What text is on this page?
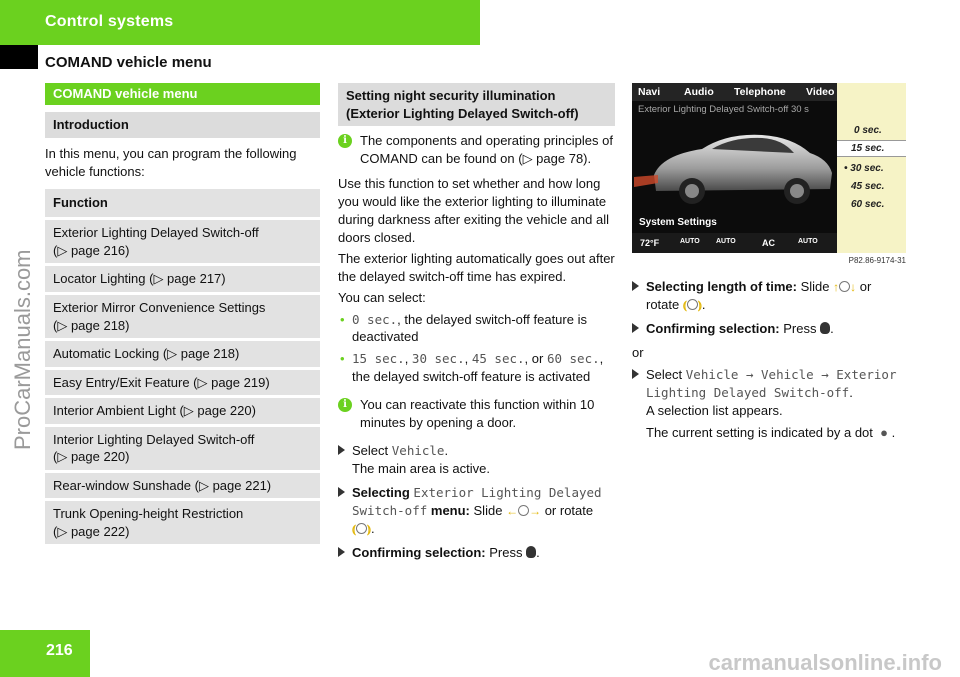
Control systems
COMAND vehicle menu
ProCarManuals.com
carmanualsonline.info
216
COMAND vehicle menu
Introduction
In this menu, you can program the following vehicle functions:
Function
Exterior Lighting Delayed Switch-off
(▷ page 216)
Locator Lighting (▷ page 217)
Exterior Mirror Convenience Settings
(▷ page 218)
Automatic Locking (▷ page 218)
Easy Entry/Exit Feature (▷ page 219)
Interior Ambient Light (▷ page 220)
Interior Lighting Delayed Switch-off
(▷ page 220)
Rear-window Sunshade (▷ page 221)
Trunk Opening-height Restriction
(▷ page 222)
Setting night security illumination (Exterior Lighting Delayed Switch-off)
i	The components and operating principles of COMAND can be found on (▷ page 78).
Use this function to set whether and how long you would like the exterior lighting to illuminate during darkness after exiting the vehicle and all doors closed.
The exterior lighting automatically goes out after the delayed switch-off time has expired.
You can select:
• 0 sec., the delayed switch-off feature is deactivated
• 15 sec., 30 sec., 45 sec., or 60 sec.,
the delayed switch-off feature is activated
i	You can reactivate this function within 10 minutes by opening a door.
Select Vehicle.
The main area is active.
Selecting Exterior Lighting Delayed Switch-off menu: Slide ← → or rotate
⦅ ⦆.
Confirming selection: Press .
Navi Audio Telephone Video
Exterior Lighting Delayed Switch-off 30 s
0 sec.
15 sec.
• 30 sec.
45 sec.
60 sec.
System Settings
72°F	AUTO AUTO	AC	AUTO
P82.86-9174-31
Selecting length of time: Slide ↑ ↓ or
rotate ⦅ ⦆.
Confirming selection: Press .
or
Select Vehicle → Vehicle → Exterior Lighting Delayed Switch-off.
A selection list appears.

The current setting is indicated by a dot  ● .
